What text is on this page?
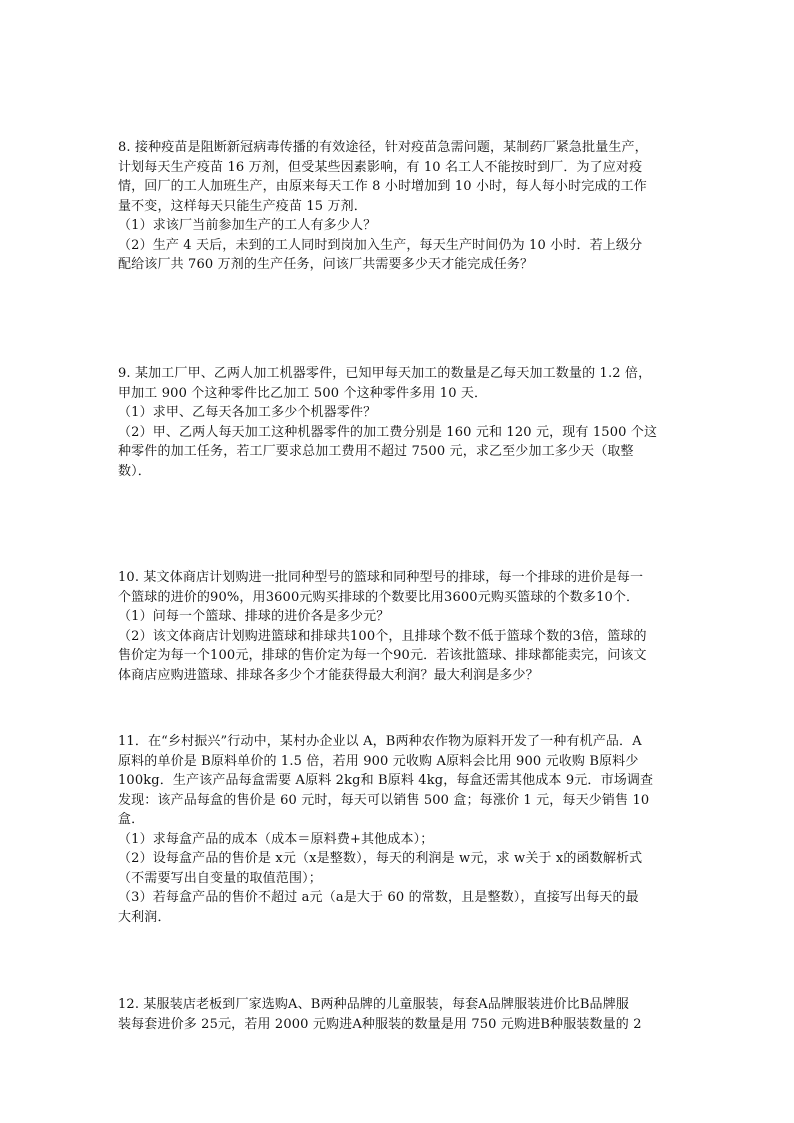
8. 接种疫苗是阻断新冠病毒传播的有效途径，针对疫苗急需问题，某制药厂紧急批量生产，
计划每天生产疫苗 16 万剂，但受某些因素影响，有 10 名工人不能按时到厂．为了应对疫
情，回厂的工人加班生产，由原来每天工作 8 小时增加到 10 小时，每人每小时完成的工作
量不变，这样每天只能生产疫苗 15 万剂．
（1）求该厂当前参加生产的工人有多少人？
（2）生产 4 天后，未到的工人同时到岗加入生产，每天生产时间仍为 10 小时．若上级分
配给该厂共 760 万剂的生产任务，问该厂共需要多少天才能完成任务？
9. 某加工厂甲、乙两人加工机器零件，已知甲每天加工的数量是乙每天加工数量的 1.2 倍，
甲加工 900 个这种零件比乙加工 500 个这种零件多用 10 天．
（1）求甲、乙每天各加工多少个机器零件？
（2）甲、乙两人每天加工这种机器零件的加工费分别是 160 元和 120 元，现有 1500 个这
种零件的加工任务，若工厂要求总加工费用不超过 7500 元，求乙至少加工多少天（取整
数）．
10. 某文体商店计划购进一批同种型号的篮球和同种型号的排球，每一个排球的进价是每一
个篮球的进价的90%，用3600元购买排球的个数要比用3600元购买篮球的个数多10个．
（1）问每一个篮球、排球的进价各是多少元？
（2）该文体商店计划购进篮球和排球共100个，且排球个数不低于篮球个数的3倍，篮球的
售价定为每一个100元，排球的售价定为每一个90元．若该批篮球、排球都能卖完，问该文
体商店应购进篮球、排球各多少个才能获得最大利润？最大利润是多少？
11．在“乡村振兴”行动中，某村办企业以 A，B两种农作物为原料开发了一种有机产品．A
原料的单价是 B原料单价的 1.5 倍，若用 900 元收购 A原料会比用 900 元收购 B原料少
100kg．生产该产品每盒需要 A原料 2kg和 B原料 4kg，每盒还需其他成本 9元．市场调查
发现：该产品每盒的售价是 60 元时，每天可以销售 500 盒；每涨价 1 元，每天少销售 10
盒．
（1）求每盒产品的成本（成本＝原料费+其他成本）；
（2）设每盒产品的售价是 x元（x是整数），每天的利润是 w元，求 w关于 x的函数解析式
（不需要写出自变量的取值范围）；
（3）若每盒产品的售价不超过 a元（a是大于 60 的常数，且是整数），直接写出每天的最
大利润．
12. 某服装店老板到厂家选购A、B两种品牌的儿童服装，每套A品牌服装进价比B品牌服
装每套进价多 25元，若用 2000 元购进A种服装的数量是用 750 元购进B种服装数量的 2
